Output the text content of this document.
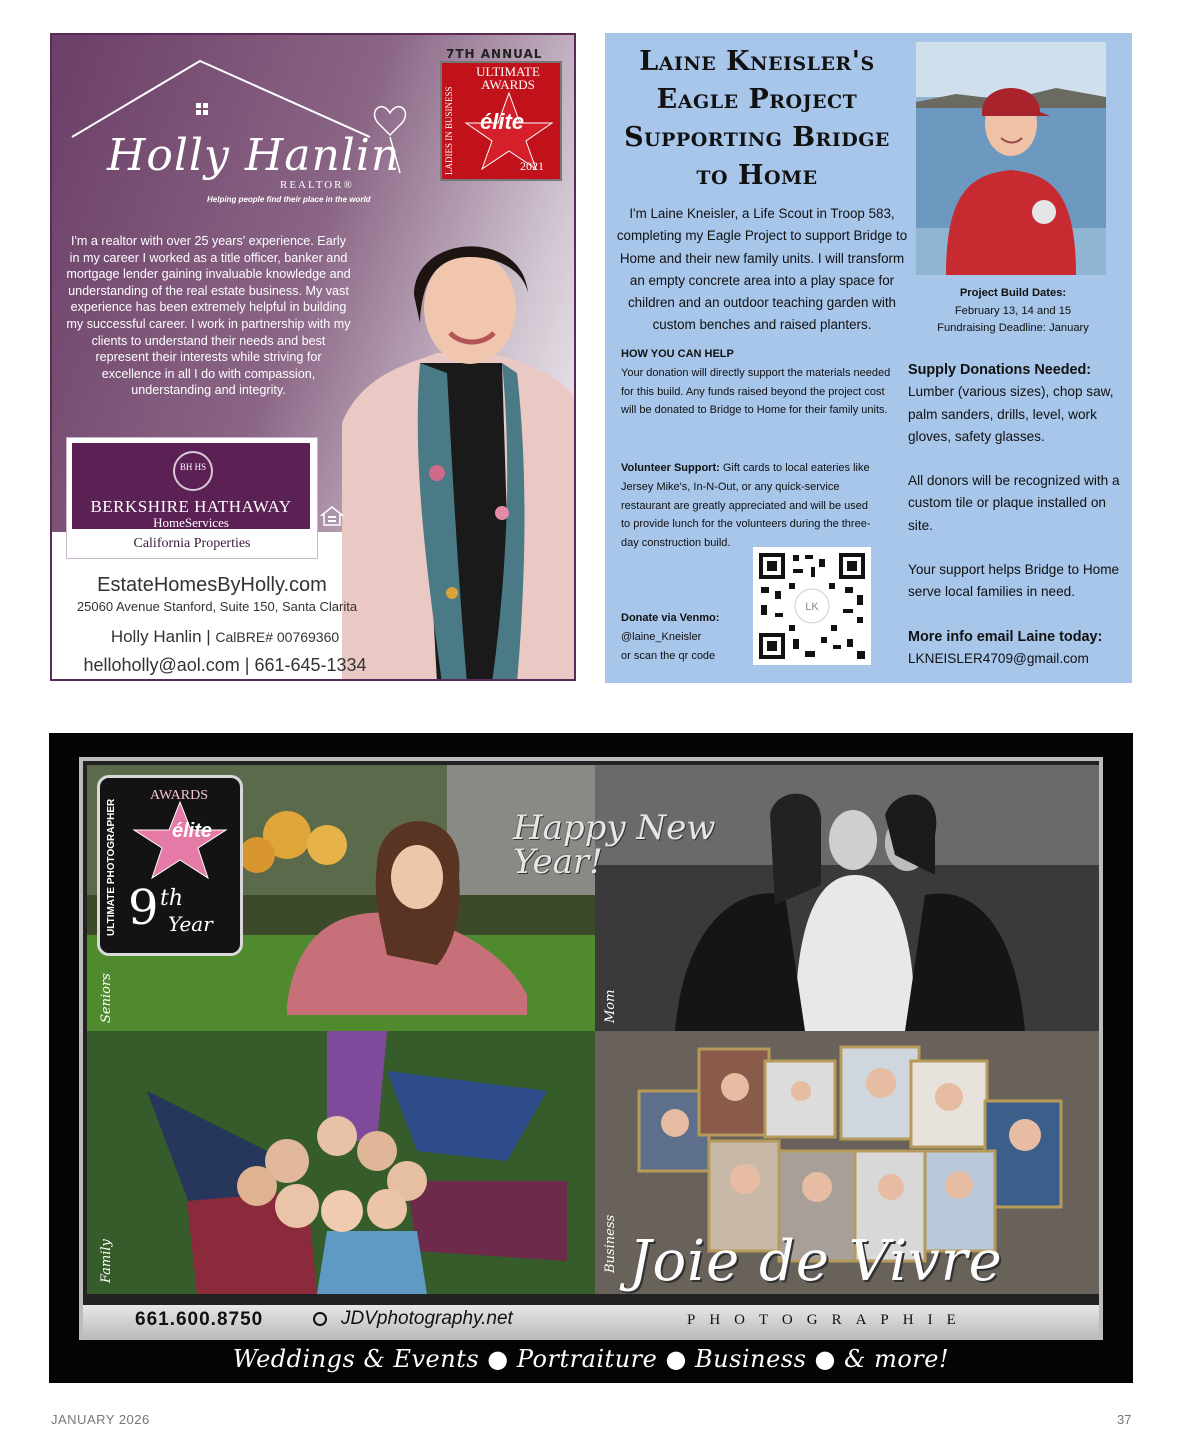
Holly Hanlin
REALTOR®
Helping people find their place in the world
7TH ANNUAL
LADIES IN BUSINESS
ULTIMATE AWARDS
élite
2021
I'm a realtor with over 25 years' experience. Early in my career I worked as a title officer, banker and mortgage lender gaining invaluable knowledge and understanding of the real estate business. My vast experience has been extremely helpful in building my successful career. I work in partnership with my clients to understand their needs and best represent their interests while striving for excellence in all I do with compassion, understanding and integrity.
BH HS
BERKSHIRE HATHAWAY
HomeServices
California Properties
EstateHomesByHolly.com
25060 Avenue Stanford, Suite 150, Santa Clarita
Holly Hanlin | CalBRE# 00769360
helloholly@aol.com | 661-645-1334
Laine Kneisler's Eagle Project Supporting Bridge to Home
I'm Laine Kneisler, a Life Scout in Troop 583, completing my Eagle Project to support Bridge to Home and their new family units. I will transform an empty concrete area into a play space for children and an outdoor teaching garden with custom benches and raised planters.
Project Build Dates:
February 13, 14 and 15
Fundraising Deadline: January
HOW YOU CAN HELP
Your donation will directly support the materials needed for this build. Any funds raised beyond the project cost will be donated to Bridge to Home for their family units.
Volunteer Support: Gift cards to local eateries like Jersey Mike's, In-N-Out, or any quick-service restaurant are greatly appreciated and will be used to provide lunch for the volunteers during the three-day construction build.
Donate via Venmo:
@laine_Kneisler
or scan the qr code
LK
Supply Donations Needed:

Lumber (various sizes), chop saw, palm sanders, drills, level, work gloves, safety glasses.

All donors will be recognized with a custom tile or plaque installed on site.

Your support helps Bridge to Home serve local families in need.

More info email Laine today:
LKNEISLER4709@gmail.com
Seniors	Mom
Family	Business
Happy New Year!
ULTIMATE PHOTOGRAPHER
AWARDS
élite
9 th
Year
Joie de Vivre
661.600.8750	JDVphotography.net	PHOTOGRAPHIE
Weddings & Events ● Portraiture ● Business ● & more!
JANUARY 2026	37
